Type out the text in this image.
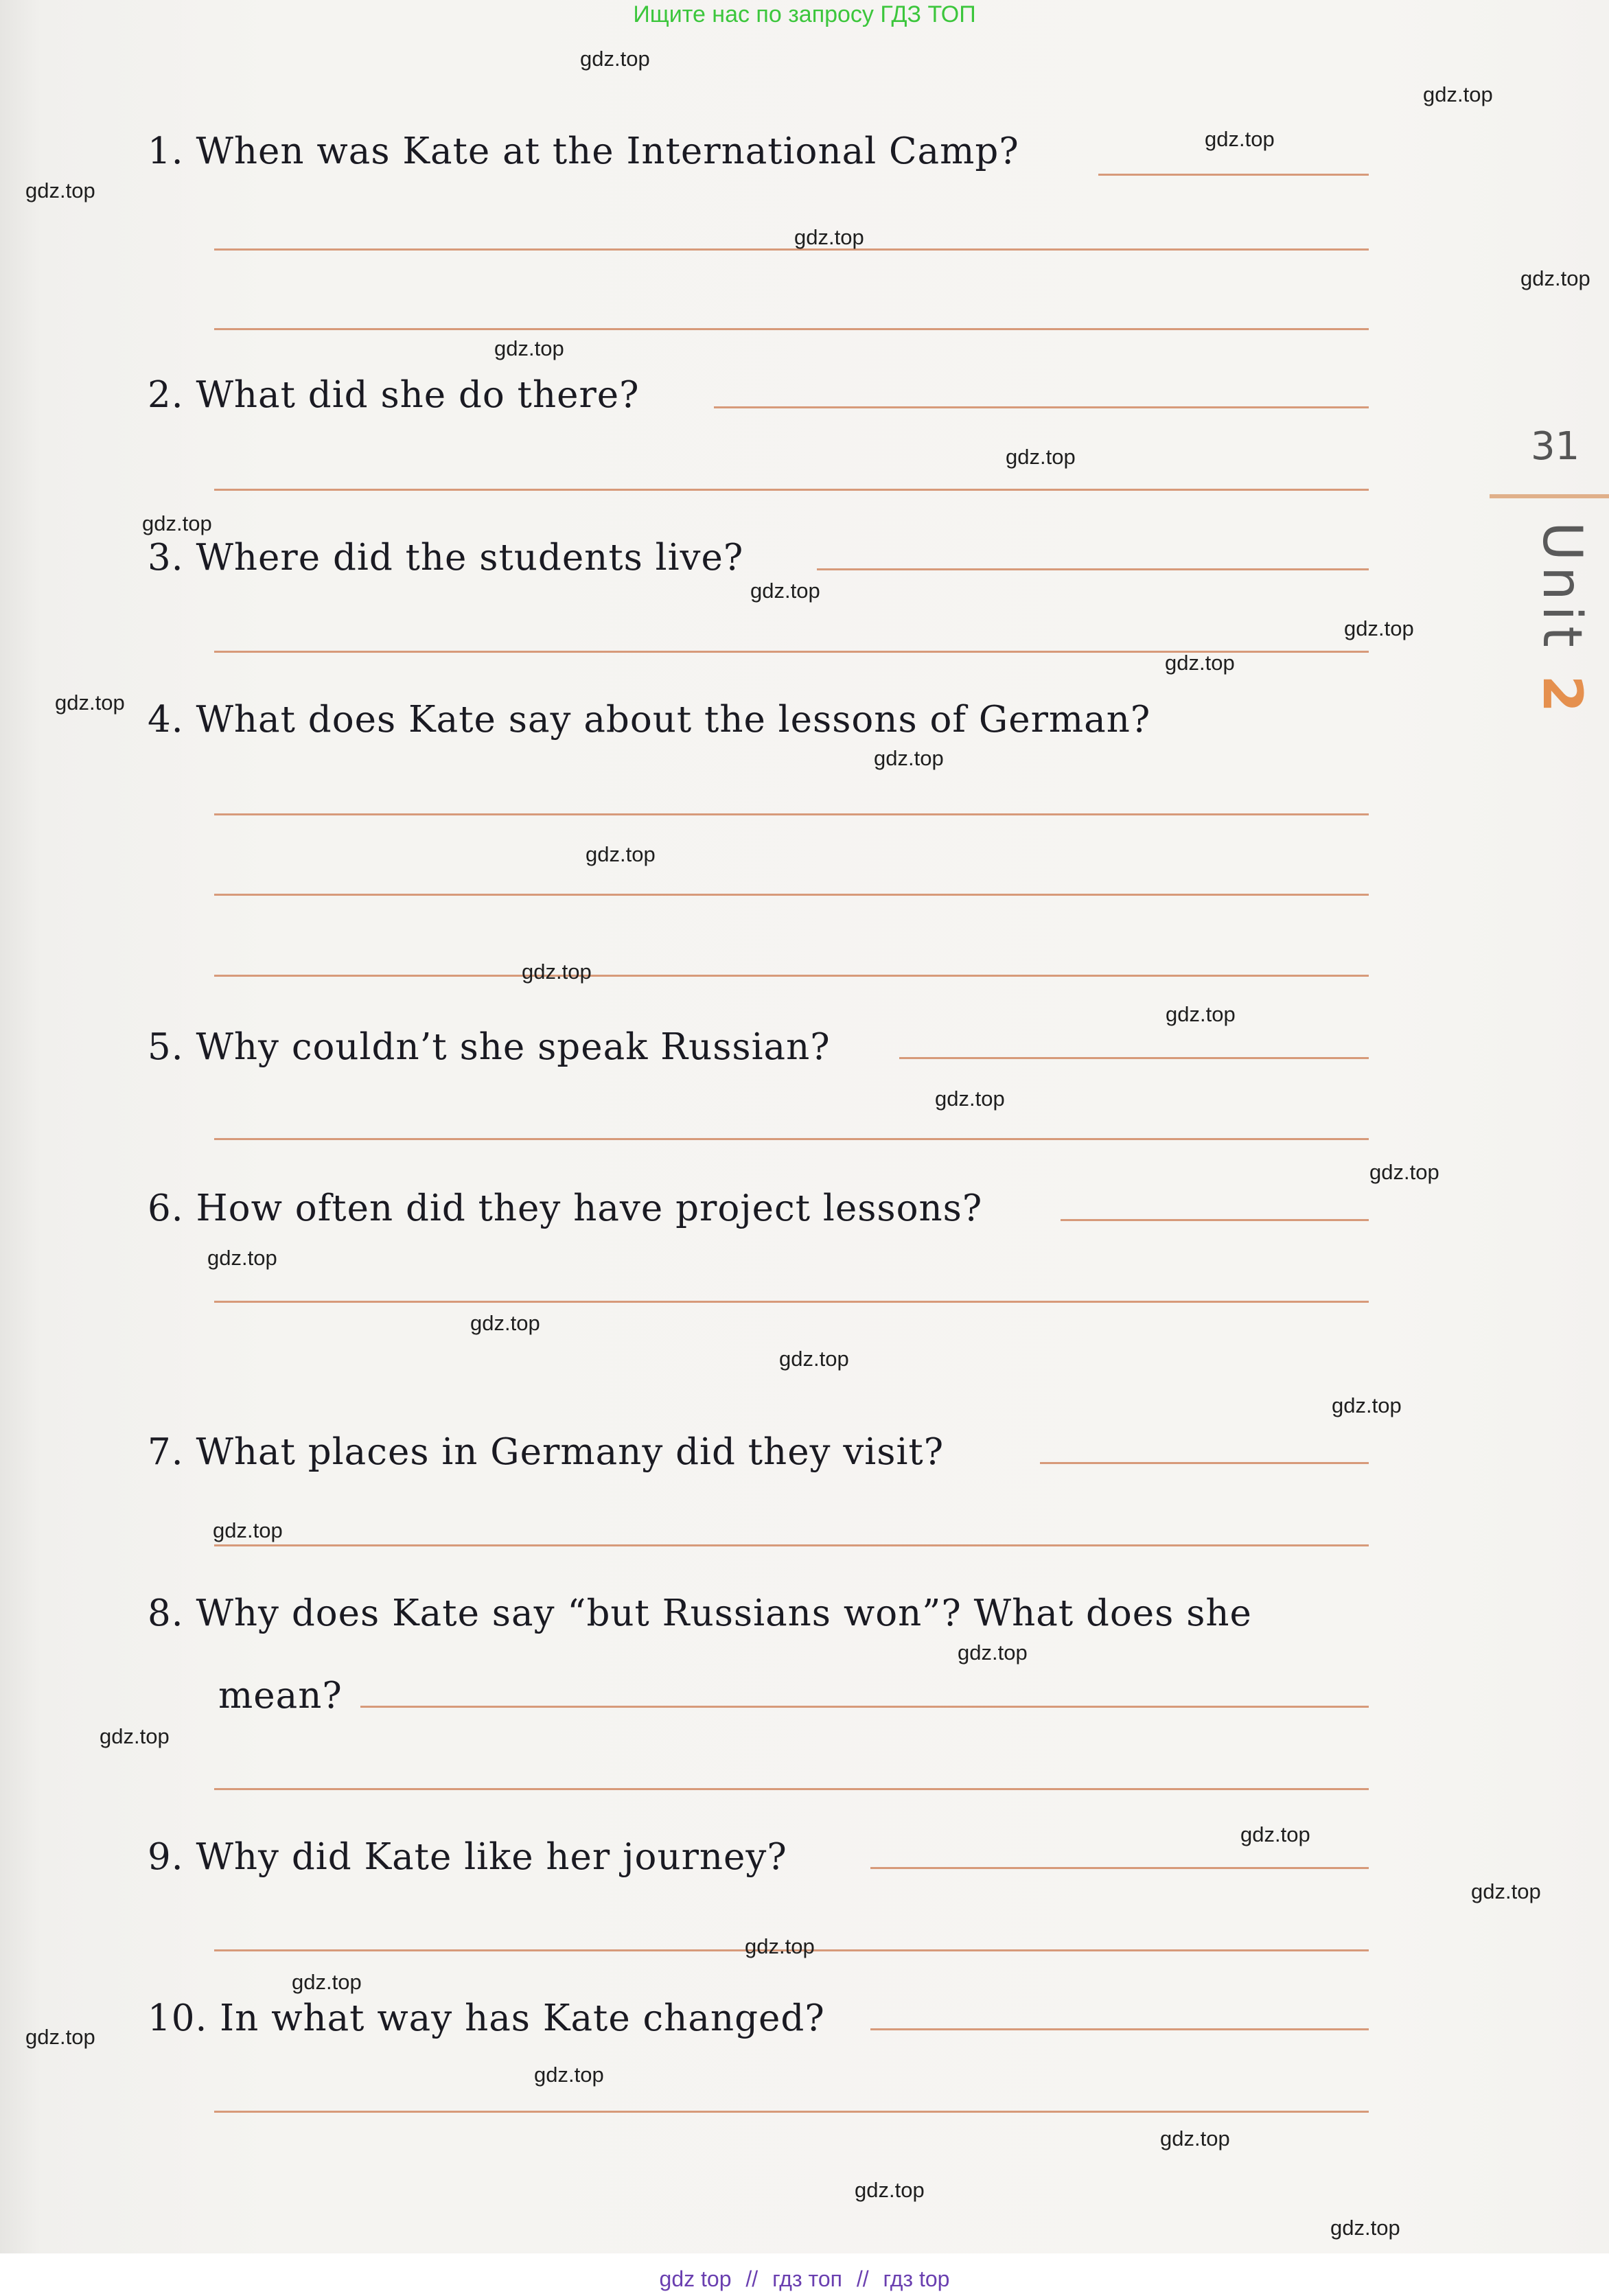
Ищите нас по запросу ГДЗ ТОП
31
Unit 2
1. When was Kate at the International Camp?
2. What did she do there?
3. Where did the students live?
4. What does Kate say about the lessons of German?
5. Why couldn’t she speak Russian?
6. How often did they have project lessons?
7. What places in Germany did they visit?
8. Why does Kate say “but Russians won”? What does she
mean?
9. Why did Kate like her journey?
10. In what way has Kate changed?
gdz.top
gdz.top
gdz.top
gdz.top
gdz.top
gdz.top
gdz.top
gdz.top
gdz.top
gdz.top
gdz.top
gdz.top
gdz.top
gdz.top
gdz.top
gdz.top
gdz.top
gdz.top
gdz.top
gdz.top
gdz.top
gdz.top
gdz.top
gdz.top
gdz.top
gdz.top
gdz.top
gdz.top
gdz.top
gdz.top
gdz.top
gdz.top
gdz.top
gdz.top
gdz.top
gdz top // гдз топ // гдз top
